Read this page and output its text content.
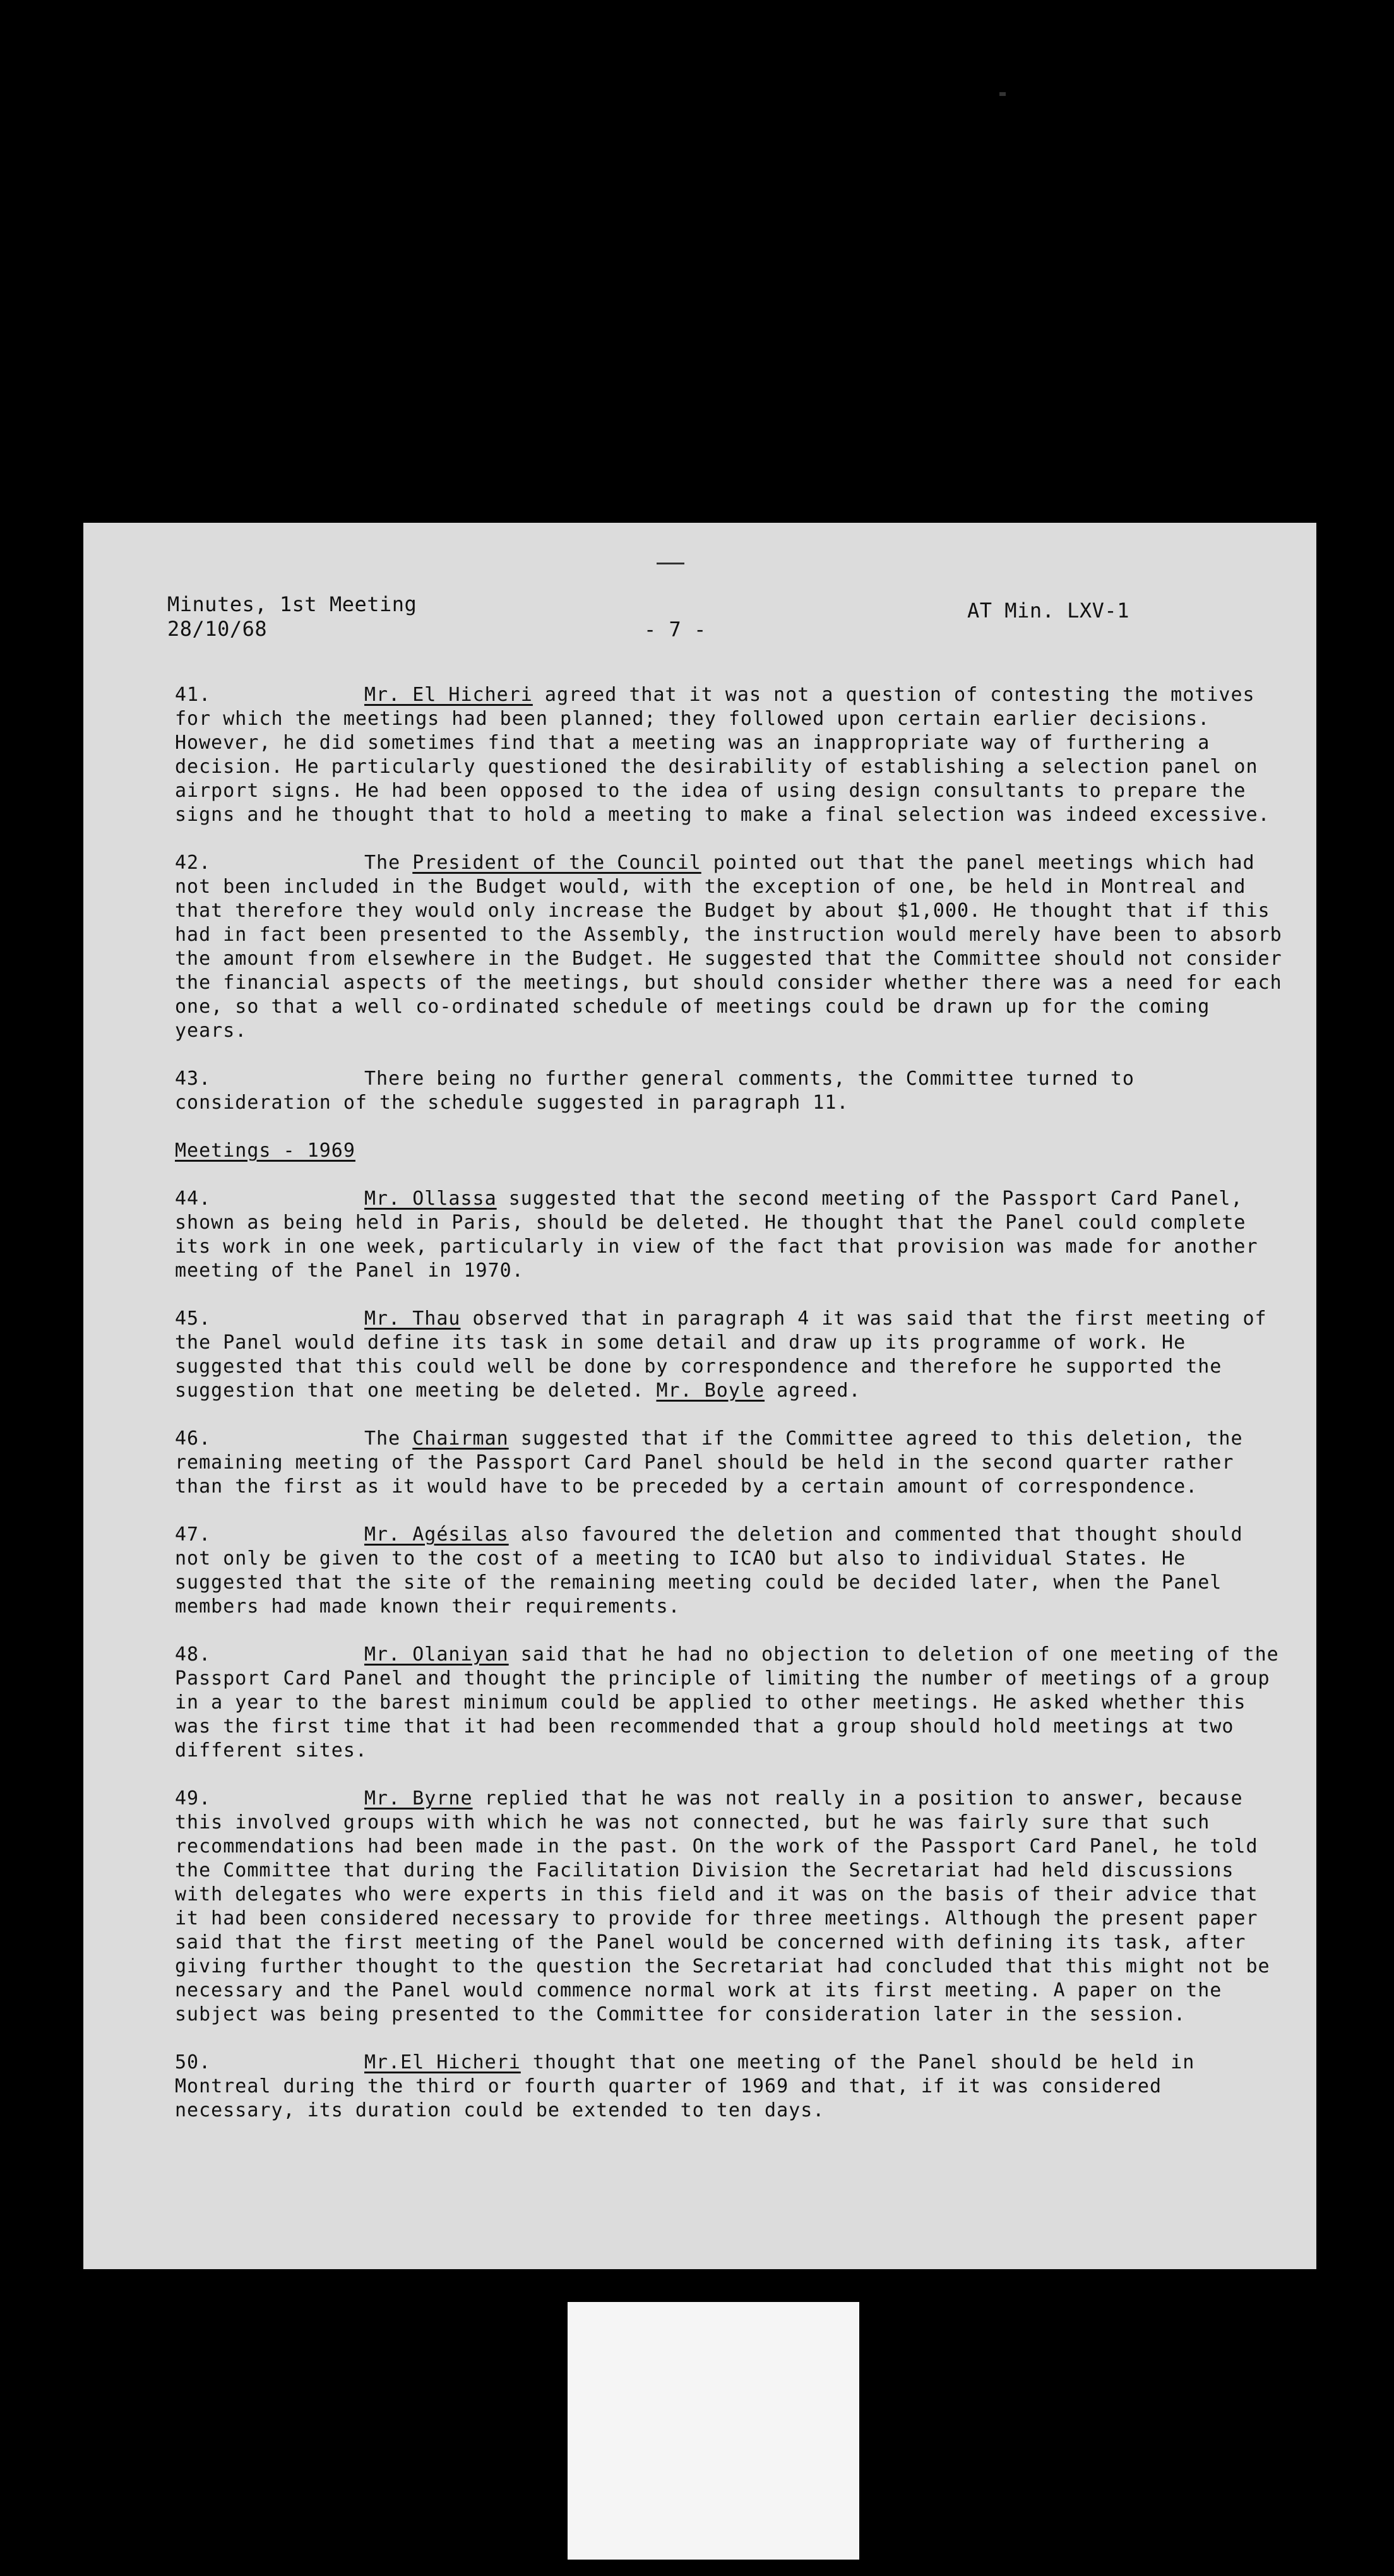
Minutes, 1st Meeting
28/10/68	- 7 -
AT Min. LXV-1

41.	Mr. El Hicheri agreed that it was not a question of contesting the motives for which the meetings had been planned; they followed upon certain earlier decisions. However, he did sometimes find that a meeting was an inappropriate way of furthering a decision. He particularly questioned the desirability of establishing a selection panel on airport signs. He had been opposed to the idea of using design consultants to prepare the signs and he thought that to hold a meeting to make a final selection was indeed excessive.

42.	The President of the Council pointed out that the panel meetings which had not been included in the Budget would, with the exception of one, be held in Montreal and that therefore they would only increase the Budget by about $1,000. He thought that if this had in fact been presented to the Assembly, the instruction would merely have been to absorb the amount from elsewhere in the Budget. He suggested that the Committee should not consider the financial aspects of the meetings, but should consider whether there was a need for each one, so that a well co-ordinated schedule of meetings could be drawn up for the coming years.

43.	There being no further general comments, the Committee turned to consideration of the schedule suggested in paragraph 11.

Meetings - 1969

44.	Mr. Ollassa suggested that the second meeting of the Passport Card Panel, shown as being held in Paris, should be deleted. He thought that the Panel could complete its work in one week, particularly in view of the fact that provision was made for another meeting of the Panel in 1970.

45.	Mr. Thau observed that in paragraph 4 it was said that the first meeting of the Panel would define its task in some detail and draw up its programme of work. He suggested that this could well be done by correspondence and therefore he supported the suggestion that one meeting be deleted. Mr. Boyle agreed.

46.	The Chairman suggested that if the Committee agreed to this deletion, the remaining meeting of the Passport Card Panel should be held in the second quarter rather than the first as it would have to be preceded by a certain amount of correspondence.

47.	Mr. Agésilas also favoured the deletion and commented that thought should not only be given to the cost of a meeting to ICAO but also to individual States. He suggested that the site of the remaining meeting could be decided later, when the Panel members had made known their requirements.

48.	Mr. Olaniyan said that he had no objection to deletion of one meeting of the Passport Card Panel and thought the principle of limiting the number of meetings of a group in a year to the barest minimum could be applied to other meetings. He asked whether this was the first time that it had been recommended that a group should hold meetings at two different sites.

49.	Mr. Byrne replied that he was not really in a position to answer, because this involved groups with which he was not connected, but he was fairly sure that such recommendations had been made in the past. On the work of the Passport Card Panel, he told the Committee that during the Facilitation Division the Secretariat had held discussions with delegates who were experts in this field and it was on the basis of their advice that it had been considered necessary to provide for three meetings. Although the present paper said that the first meeting of the Panel would be concerned with defining its task, after giving further thought to the question the Secretariat had concluded that this might not be necessary and the Panel would commence normal work at its first meeting. A paper on the subject was being presented to the Committee for consideration later in the session.

50.	Mr.El Hicheri thought that one meeting of the Panel should be held in Montreal during the third or fourth quarter of 1969 and that, if it was considered necessary, its duration could be extended to ten days.
